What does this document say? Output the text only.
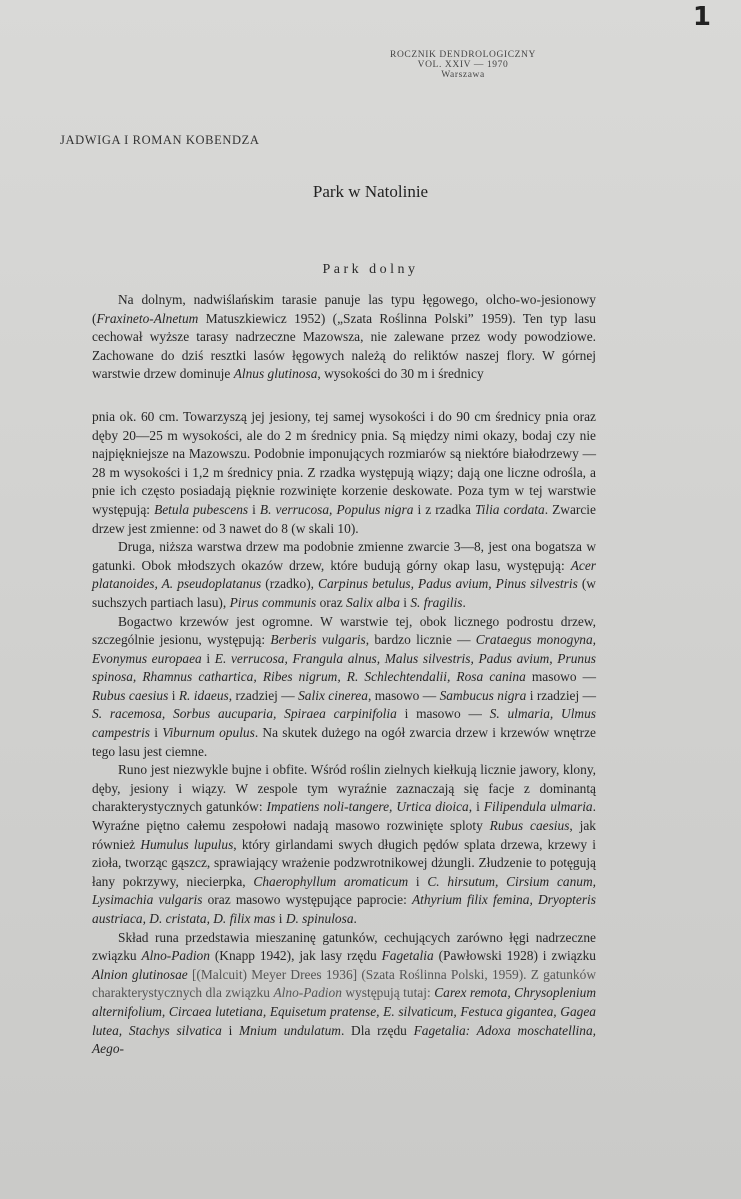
1
ROCZNIK DENDROLOGICZNY
VOL. XXIV — 1970
Warszawa
JADWIGA I ROMAN KOBENDZA
Park w Natolinie
Park dolny

Na dolnym, nadwiślańskim tarasie panuje las typu łęgowego, olcho-wo-jesionowy (Fraxineto-Alnetum Matuszkiewicz 1952) („Szata Roślinna Polski” 1959). Ten typ lasu cechował wyższe tarasy nadrzeczne Mazowsza, nie zalewane przez wody powodziowe. Zachowane do dziś resztki lasów łęgowych należą do reliktów naszej flory. W górnej warstwie drzew dominuje Alnus glutinosa, wysokości do 30 m i średnicy

pnia ok. 60 cm. Towarzyszą jej jesiony, tej samej wysokości i do 90 cm średnicy pnia oraz dęby 20—25 m wysokości, ale do 2 m średnicy pnia. Są między nimi okazy, bodaj czy nie najpiękniejsze na Mazowszu. Podobnie imponujących rozmiarów są niektóre białodrzewy — 28 m wysokości i 1,2 m średnicy pnia. Z rzadka występują wiązy; dają one liczne odrośla, a pnie ich często posiadają pięknie rozwinięte korzenie deskowate. Poza tym w tej warstwie występują: Betula pubescens i B. verrucosa, Populus nigra i z rzadka Tilia cordata. Zwarcie drzew jest zmienne: od 3 nawet do 8 (w skali 10).

Druga, niższa warstwa drzew ma podobnie zmienne zwarcie 3—8, jest ona bogatsza w gatunki. Obok młodszych okazów drzew, które budują górny okap lasu, występują: Acer platanoides, A. pseudoplatanus (rzadko), Carpinus betulus, Padus avium, Pinus silvestris (w suchszych partiach lasu), Pirus communis oraz Salix alba i S. fragilis.

Bogactwo krzewów jest ogromne. W warstwie tej, obok licznego podrostu drzew, szczególnie jesionu, występują: Berberis vulgaris, bardzo licznie — Crataegus monogyna, Evonymus europaea i E. verrucosa, Frangula alnus, Malus silvestris, Padus avium, Prunus spinosa, Rhamnus cathartica, Ribes nigrum, R. Schlechtendalii, Rosa canina masowo — Rubus caesius i R. idaeus, rzadziej — Salix cinerea, masowo — Sambucus nigra i rzadziej — S. racemosa, Sorbus aucuparia, Spiraea carpinifolia i masowo — S. ulmaria, Ulmus campestris i Viburnum opulus. Na skutek dużego na ogół zwarcia drzew i krzewów wnętrze tego lasu jest ciemne.

Runo jest niezwykle bujne i obfite. Wśród roślin zielnych kiełkują licznie jawory, klony, dęby, jesiony i wiązy. W zespole tym wyraźnie zaznaczają się facje z dominantą charakterystycznych gatunków: Impatiens noli-tangere, Urtica dioica, i Filipendula ulmaria. Wyraźne piętno całemu zespołowi nadają masowo rozwinięte sploty Rubus caesius, jak również Humulus lupulus, który girlandami swych długich pędów splata drzewa, krzewy i zioła, tworząc gąszcz, sprawiający wrażenie podzwrotnikowej dżungli. Złudzenie to potęgują łany pokrzywy, niecierpka, Chaerophyllum aromaticum i C. hirsutum, Cirsium canum, Lysimachia vulgaris oraz masowo występujące paprocie: Athyrium filix femina, Dryopteris austriaca, D. cristata, D. filix mas i D. spinulosa.

Skład runa przedstawia mieszaninę gatunków, cechujących zarówno łęgi nadrzeczne związku Alno-Padion (Knapp 1942), jak lasy rzędu Fagetalia (Pawłowski 1928) i związku Alnion glutinosae [(Malcuit) Meyer Drees 1936] (Szata Roślinna Polski, 1959). Z gatunków charakterystycznych dla związku Alno-Padion występują tutaj: Carex remota, Chrysoplenium alternifolium, Circaea lutetiana, Equisetum pratense, E. silvaticum, Festuca gigantea, Gagea lutea, Stachys silvatica i Mnium undulatum. Dla rzędu Fagetalia: Adoxa moschatellina, Aego-
